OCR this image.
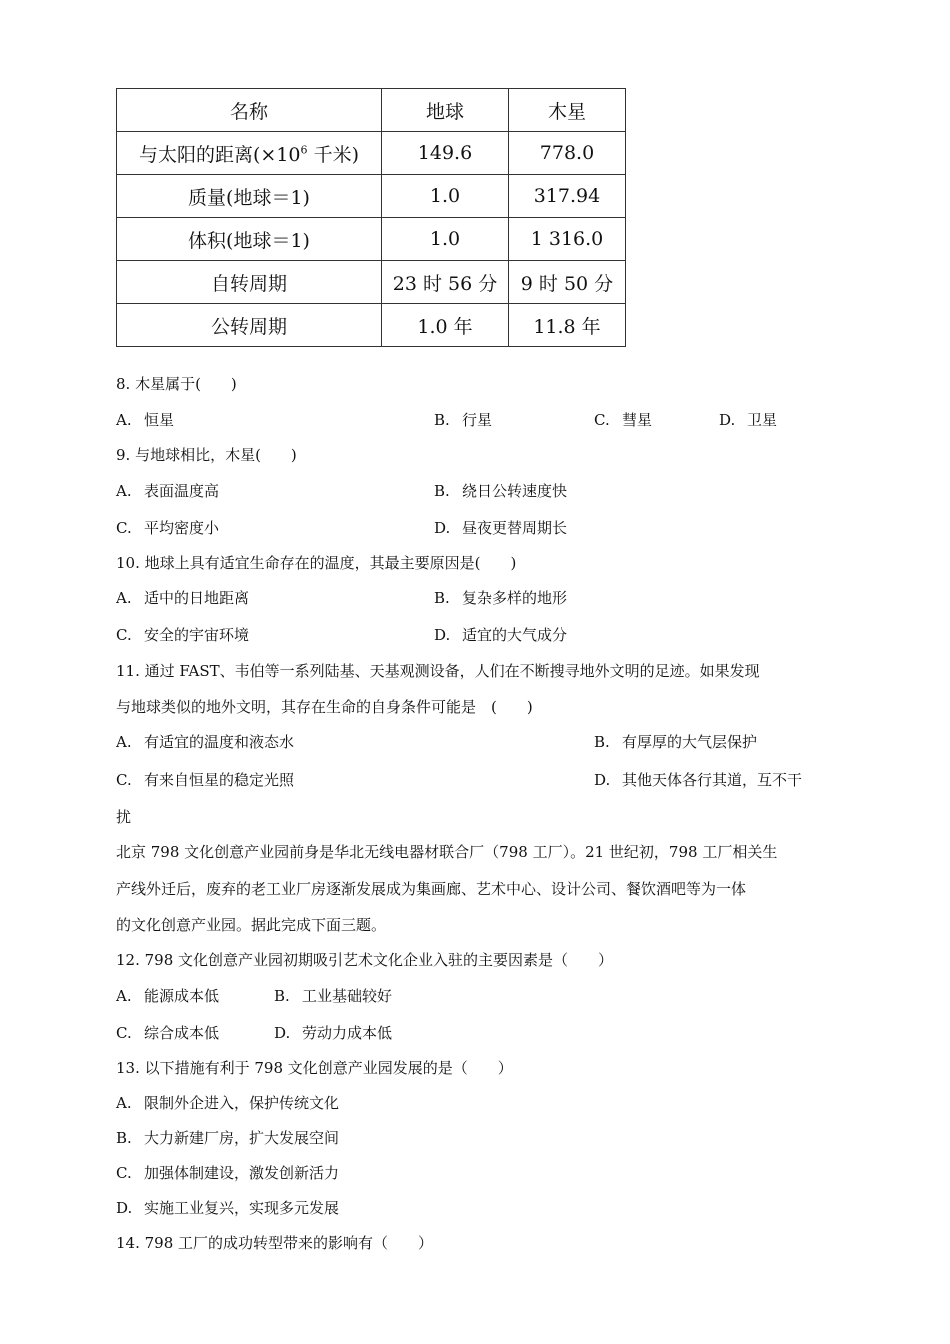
名称	地球	木星
与太阳的距离($\times 10^6$ 千米)	149.6	778.0
质量(地球＝1)	1.0	317.94
体积(地球＝1)	1.0	1 316.0
自转周期	23 时 56 分	9 时 50 分
公转周期	1.0 年	11.8 年
8. 木星属于(　　)
A. 恒星	B. 行星	C. 彗星	D. 卫星
9. 与地球相比，木星(　　)
A. 表面温度高	B. 绕日公转速度快
C. 平均密度小	D. 昼夜更替周期长
10. 地球上具有适宜生命存在的温度，其最主要原因是(　　)
A. 适中的日地距离	B. 复杂多样的地形
C. 安全的宇宙环境	D. 适宜的大气成分
11. 通过 FAST、韦伯等一系列陆基、天基观测设备，人们在不断搜寻地外文明的足迹。如果发现
与地球类似的地外文明，其存在生命的自身条件可能是　(　　)
A. 有适宜的温度和液态水	B. 有厚厚的大气层保护
C. 有来自恒星的稳定光照	D. 其他天体各行其道，互不干
扰
北京 798 文化创意产业园前身是华北无线电器材联合厂（798 工厂）。21 世纪初，798 工厂相关生
产线外迁后，废弃的老工业厂房逐渐发展成为集画廊、艺术中心、设计公司、餐饮酒吧等为一体
的文化创意产业园。据此完成下面三题。
12. 798 文化创意产业园初期吸引艺术文化企业入驻的主要因素是（　　）
A. 能源成本低	B. 工业基础较好
C. 综合成本低	D. 劳动力成本低
13. 以下措施有利于 798 文化创意产业园发展的是（　　）
A. 限制外企进入，保护传统文化
B. 大力新建厂房，扩大发展空间
C. 加强体制建设，激发创新活力
D. 实施工业复兴，实现多元发展
14. 798 工厂的成功转型带来的影响有（　　）
